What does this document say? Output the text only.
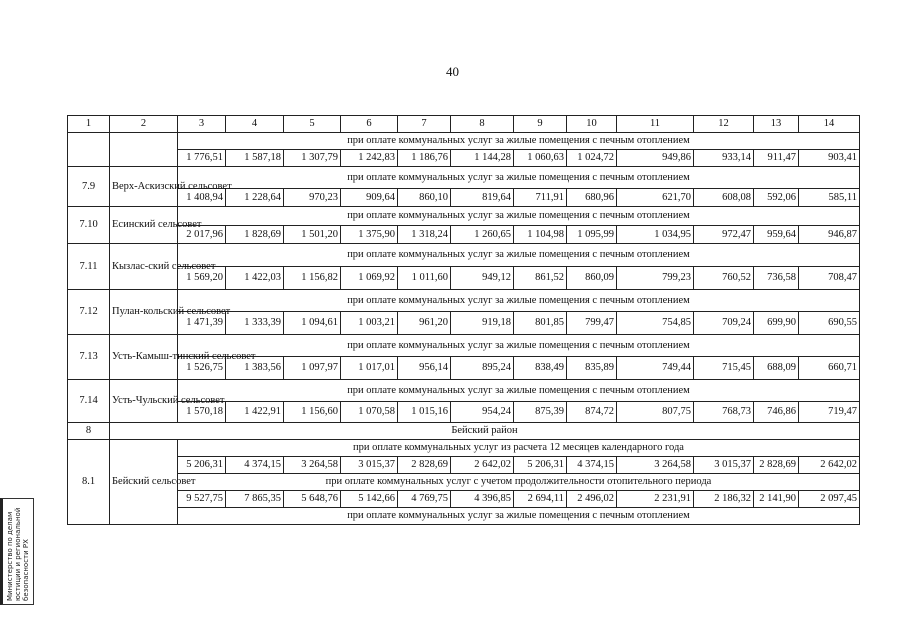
40
Министерство по делам
юстиции и региональной
безопасности РХ
1	2	3	4	5	6	7	8	9	10	11	12	13	14
		при оплате коммунальных услуг за жилые помещения с печным отоплением											
		1 776,51	1 587,18	1 307,79	1 242,83	1 186,76	1 144,28	1 060,63	1 024,72	949,86	933,14	911,47	903,41
7.9	Верх-Аскизский сельсовет	при оплате коммунальных услуг за жилые помещения с печным отоплением											
		1 408,94	1 228,64	970,23	909,64	860,10	819,64	711,91	680,96	621,70	608,08	592,06	585,11
7.10	Есинский сельсовет	при оплате коммунальных услуг за жилые помещения с печным отоплением											
		2 017,96	1 828,69	1 501,20	1 375,90	1 318,24	1 260,65	1 104,98	1 095,99	1 034,95	972,47	959,64	946,87
7.11	Кызлас-ский сельсовет	при оплате коммунальных услуг за жилые помещения с печным отоплением											
		1 569,20	1 422,03	1 156,82	1 069,92	1 011,60	949,12	861,52	860,09	799,23	760,52	736,58	708,47
7.12	Пулан-кольский сельсовет	при оплате коммунальных услуг за жилые помещения с печным отоплением											
		1 471,39	1 333,39	1 094,61	1 003,21	961,20	919,18	801,85	799,47	754,85	709,24	699,90	690,55
7.13	Усть-Камыш-тинский сельсовет	при оплате коммунальных услуг за жилые помещения с печным отоплением											
		1 526,75	1 383,56	1 097,97	1 017,01	956,14	895,24	838,49	835,89	749,44	715,45	688,09	660,71
7.14	Усть-Чульский сельсовет	при оплате коммунальных услуг за жилые помещения с печным отоплением											
		1 570,18	1 422,91	1 156,60	1 070,58	1 015,16	954,24	875,39	874,72	807,75	768,73	746,86	719,47
8	Бейский район												
8.1	Бейский сельсовет	при оплате коммунальных услуг из расчета 12 месяцев календарного года											
		5 206,31	4 374,15	3 264,58	3 015,37	2 828,69	2 642,02	5 206,31	4 374,15	3 264,58	3 015,37	2 828,69	2 642,02
		при оплате коммунальных услуг с учетом продолжительности отопительного периода											
		9 527,75	7 865,35	5 648,76	5 142,66	4 769,75	4 396,85	2 694,11	2 496,02	2 231,91	2 186,32	2 141,90	2 097,45
		при оплате коммунальных услуг за жилые помещения с печным отоплением											
